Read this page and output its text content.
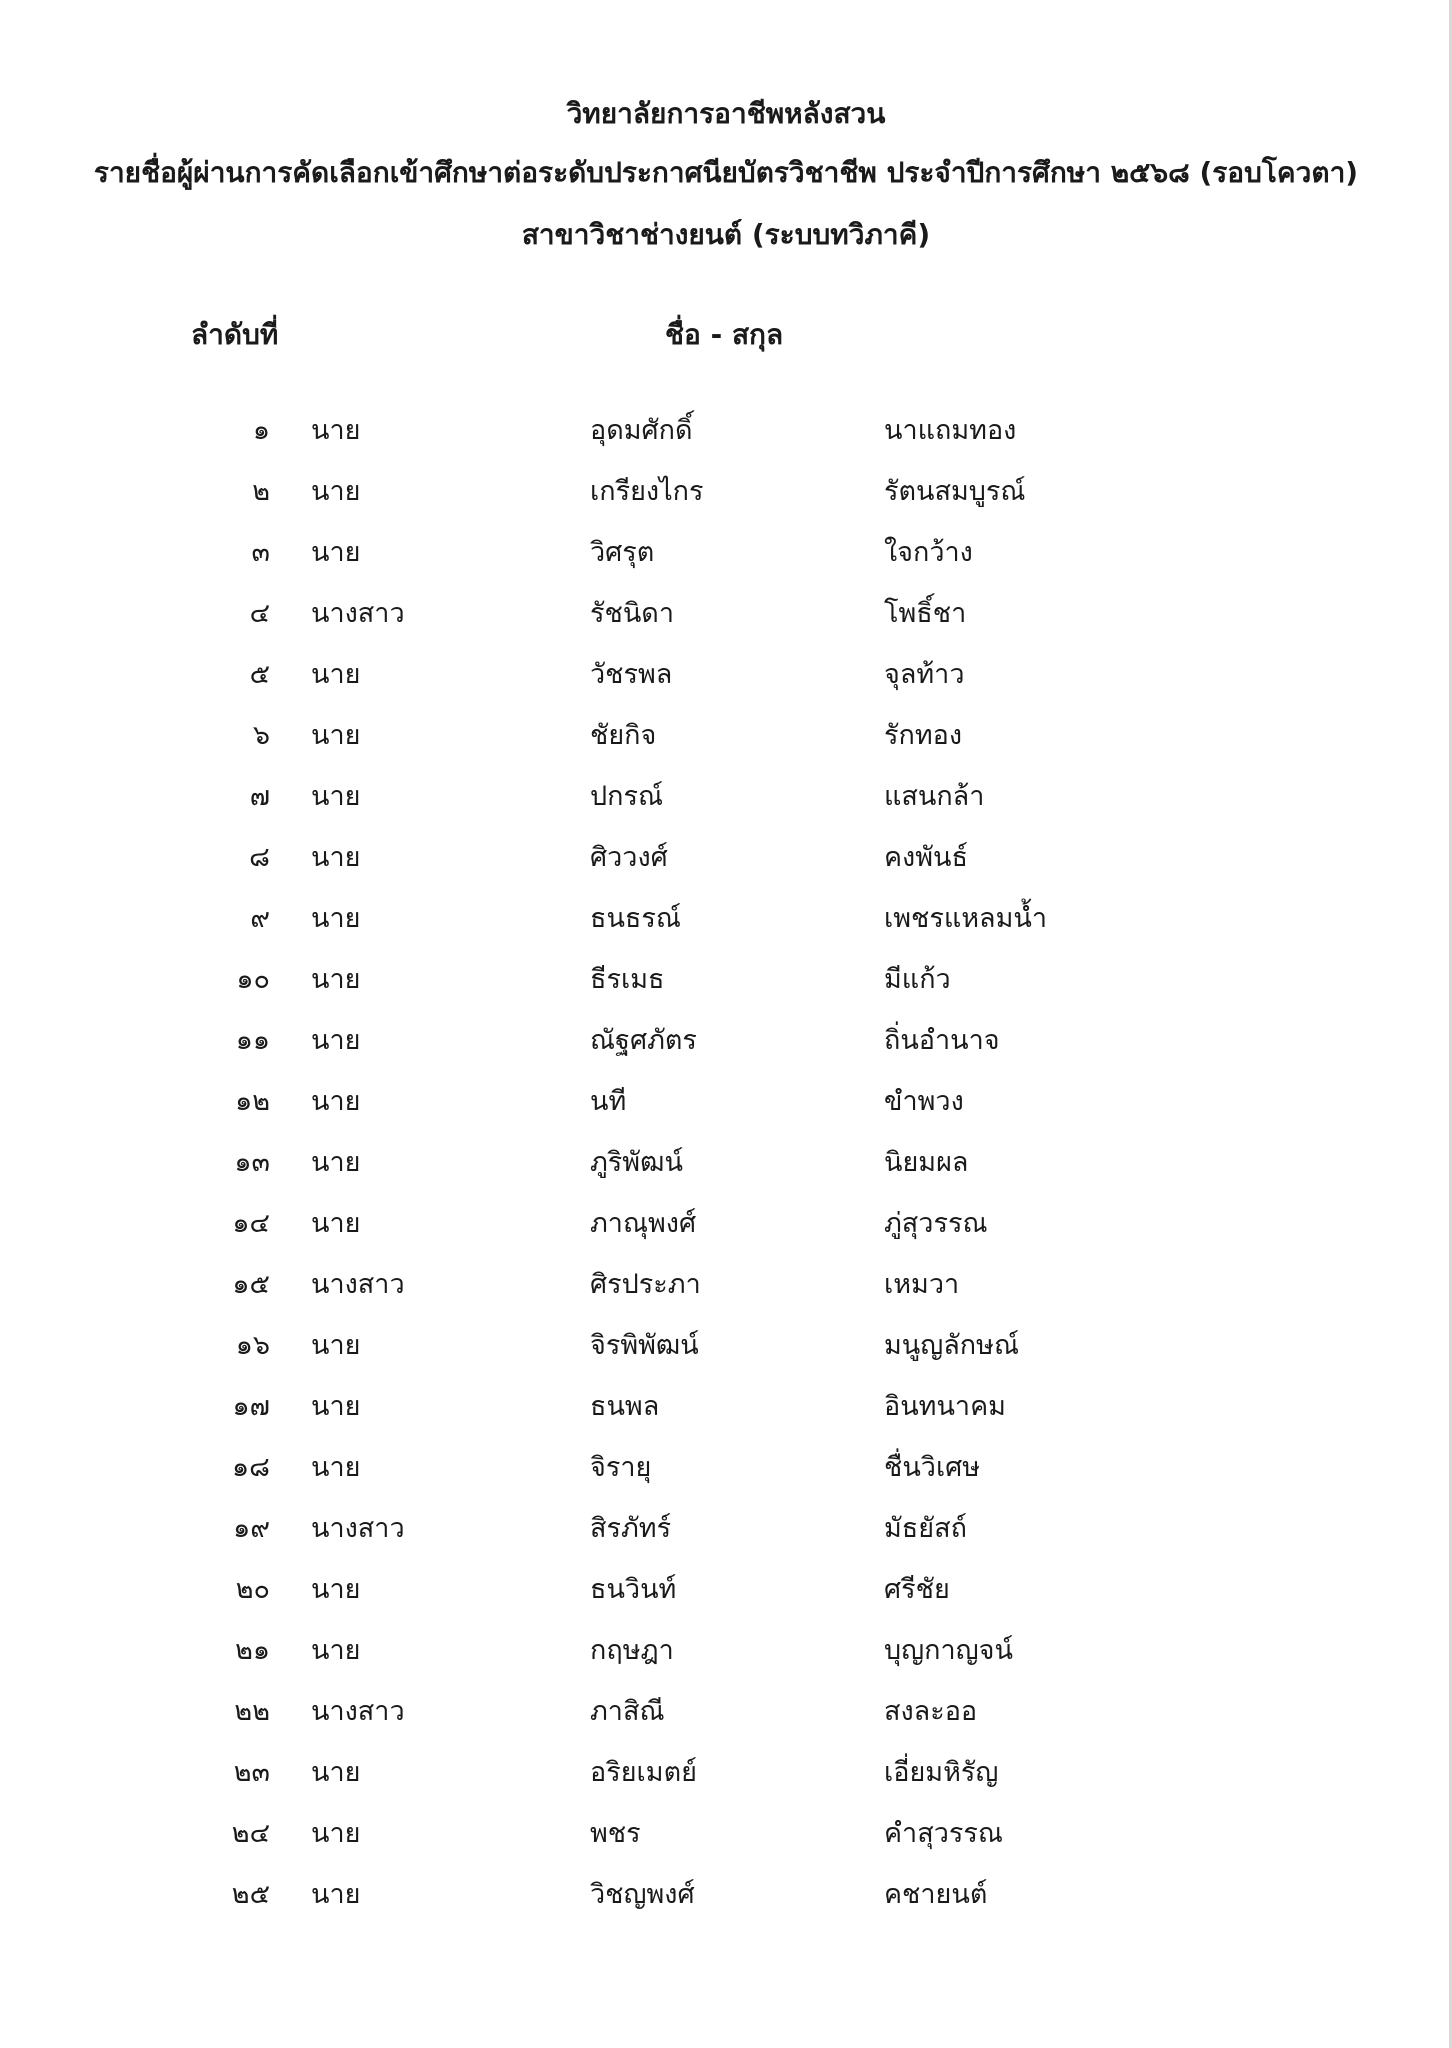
วิทยาลัยการอาชีพหลังสวน
รายชื่อผู้ผ่านการคัดเลือกเข้าศึกษาต่อระดับประกาศนียบัตรวิชาชีพ ประจำปีการศึกษา ๒๕๖๘ (รอบโควตา)
สาขาวิชาช่างยนต์ (ระบบทวิภาคี)
ลำดับที่	ชื่อ - สกุล
๑ นาย	อุดมศักดิ์	นาแถมทอง
๒ นาย	เกรียงไกร	รัตนสมบูรณ์
๓ นาย	วิศรุต	ใจกว้าง
๔ นางสาว	รัชนิดา	โพธิ์ชา
๕ นาย	วัชรพล	จุลท้าว
๖ นาย	ชัยกิจ	รักทอง
๗ นาย	ปกรณ์	แสนกล้า
๘ นาย	ศิววงศ์	คงพันธ์
๙ นาย	ธนธรณ์	เพชรแหลมน้ำ
๑๐ นาย	ธีรเมธ	มีแก้ว
๑๑ นาย	ณัฐศภัตร	ถิ่นอำนาจ
๑๒ นาย	นที	ขำพวง
๑๓ นาย	ภูริพัฒน์	นิยมผล
๑๔ นาย	ภาณุพงศ์	ภู่สุวรรณ
๑๕ นางสาว	ศิรประภา	เหมวา
๑๖ นาย	จิรพิพัฒน์	มนูญลักษณ์
๑๗ นาย	ธนพล	อินทนาคม
๑๘ นาย	จิรายุ	ชื่นวิเศษ
๑๙ นางสาว	สิรภัทร์	มัธยัสถ์
๒๐ นาย	ธนวินท์	ศรีชัย
๒๑ นาย	กฤษฎา	บุญกาญจน์
๒๒ นางสาว	ภาสิณี	สงละออ
๒๓ นาย	อริยเมตย์	เอี่ยมหิรัญ
๒๔ นาย	พชร	คำสุวรรณ
๒๕ นาย	วิชญพงศ์	คชายนต์
